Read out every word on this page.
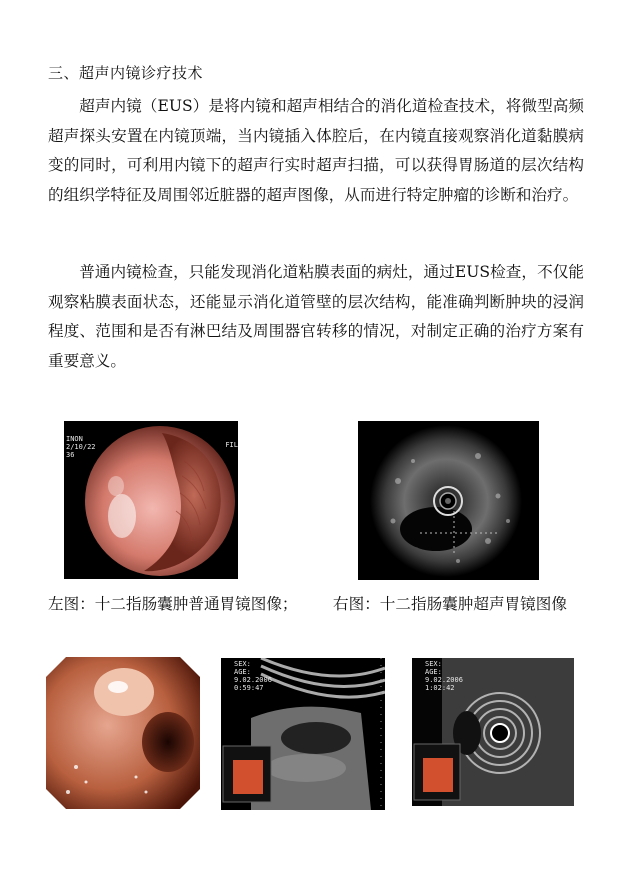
三、超声内镜诊疗技术

超声内镜（EUS）是将内镜和超声相结合的消化道检查技术，将微型高频超声探头安置在内镜顶端，当内镜插入体腔后，在内镜直接观察消化道黏膜病变的同时，可利用内镜下的超声行实时超声扫描，可以获得胃肠道的层次结构的组织学特征及周围邻近脏器的超声图像，从而进行特定肿瘤的诊断和治疗。

普通内镜检查，只能发现消化道粘膜表面的病灶，通过EUS检查，不仅能观察粘膜表面状态，还能显示消化道管壁的层次结构，能准确判断肿块的浸润程度、范围和是否有淋巴结及周围器官转移的情况，对制定正确的治疗方案有重要意义。

INON
2/10/22
36
FIL
左图：十二指肠囊肿普通胃镜图像； 右图：十二指肠囊肿超声胃镜图像
SEX:
AGE:
9.02.2006
0:59:47
SEX:
AGE:
9.02.2006
1:02:42
